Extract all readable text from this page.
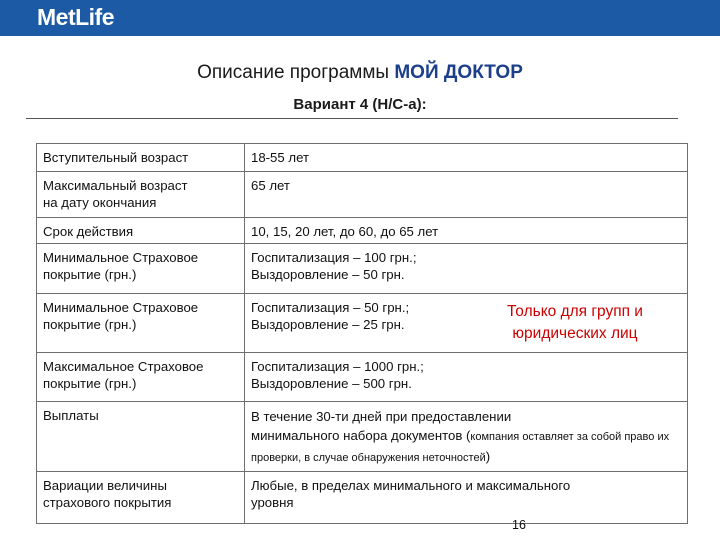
MetLife
Описание программы МОЙ ДОКТОР
Вариант 4 (Н/С-а):
Вступительный возраст	18-55 лет
Максимальный возраст
на дату окончания	65 лет
Срок действия	10, 15, 20 лет, до 60, до 65 лет
Минимальное Страховое
покрытие (грн.)	Госпитализация – 100 грн.;
Выздоровление – 50 грн.
Минимальное Страховое
покрытие (грн.)	Госпитализация – 50 грн.;
Выздоровление – 25 грн.
Максимальное Страховое
покрытие (грн.)	Госпитализация – 1000 грн.;
Выздоровление – 500 грн.
Выплаты	В течение 30-ти дней при предоставлении
минимального набора документов (компания оставляет за собой право их проверки, в случае обнаружения неточностей)
Вариации величины
страхового покрытия	Любые, в пределах минимального и максимального
уровня
Только для групп и
юридических лиц
16
